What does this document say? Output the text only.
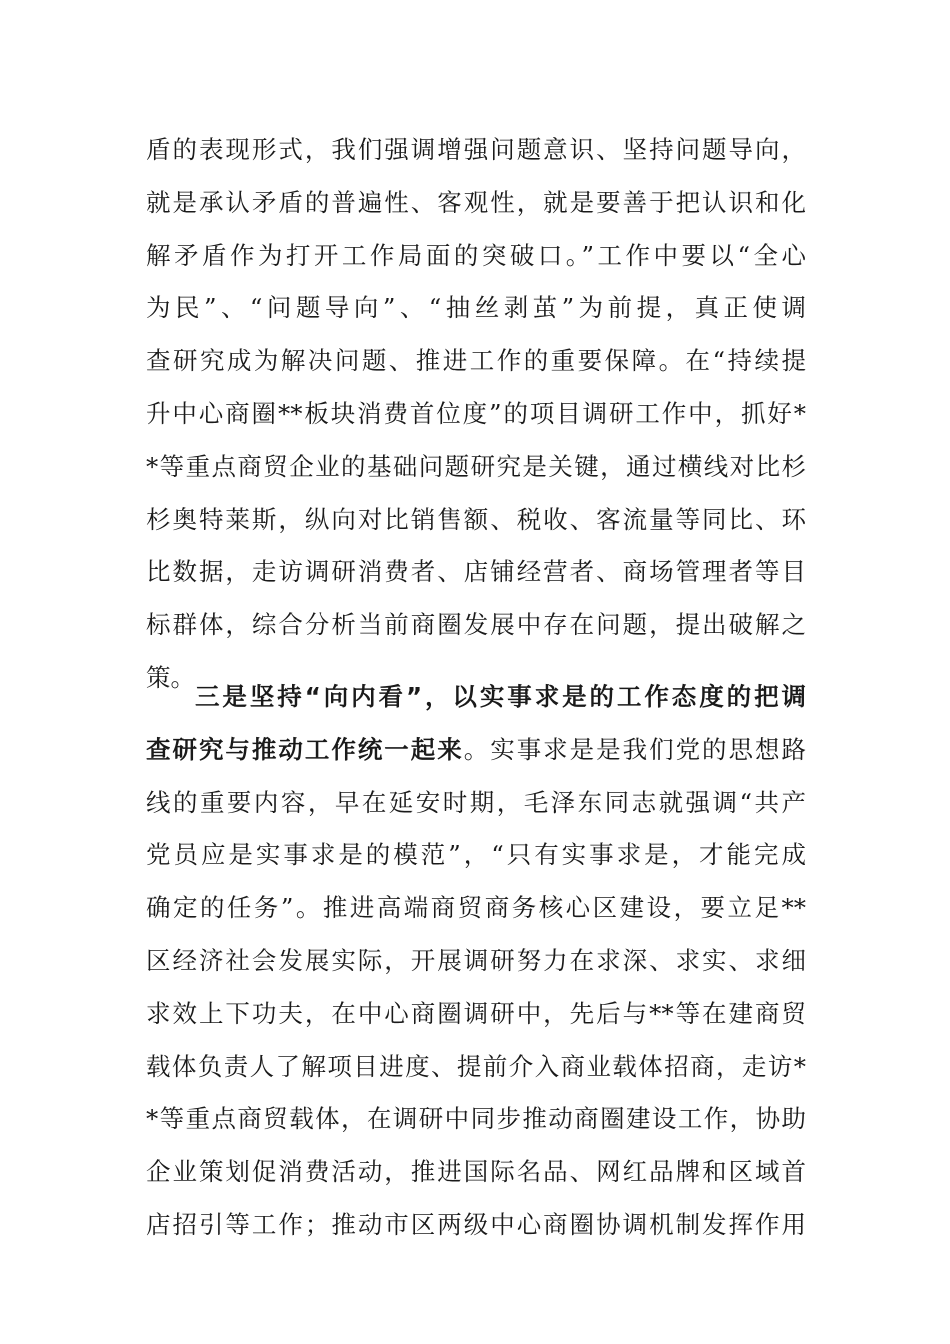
盾的表现形式，我们强调增强问题意识、坚持问题导向，
就是承认矛盾的普遍性、客观性，就是要善于把认识和化
解矛盾作为打开工作局面的突破口。”工作中要以“全心
为民”、“问题导向”、“抽丝剥茧”为前提，真正使调
查研究成为解决问题、推进工作的重要保障。在“持续提
升中心商圈**板块消费首位度”的项目调研工作中，抓好*
*等重点商贸企业的基础问题研究是关键，通过横线对比杉
杉奥特莱斯，纵向对比销售额、税收、客流量等同比、环
比数据，走访调研消费者、店铺经营者、商场管理者等目
标群体，综合分析当前商圈发展中存在问题，提出破解之
策。
三是坚持“向内看”，以实事求是的工作态度的把调
查研究与推动工作统一起来。实事求是是我们党的思想路
线的重要内容，早在延安时期，毛泽东同志就强调“共产
党员应是实事求是的模范”，“只有实事求是，才能完成
确定的任务”。推进高端商贸商务核心区建设，要立足**
区经济社会发展实际，开展调研努力在求深、求实、求细
求效上下功夫，在中心商圈调研中，先后与**等在建商贸
载体负责人了解项目进度、提前介入商业载体招商，走访*
*等重点商贸载体，在调研中同步推动商圈建设工作，协助
企业策划促消费活动，推进国际名品、网红品牌和区域首
店招引等工作；推动市区两级中心商圈协调机制发挥作用
